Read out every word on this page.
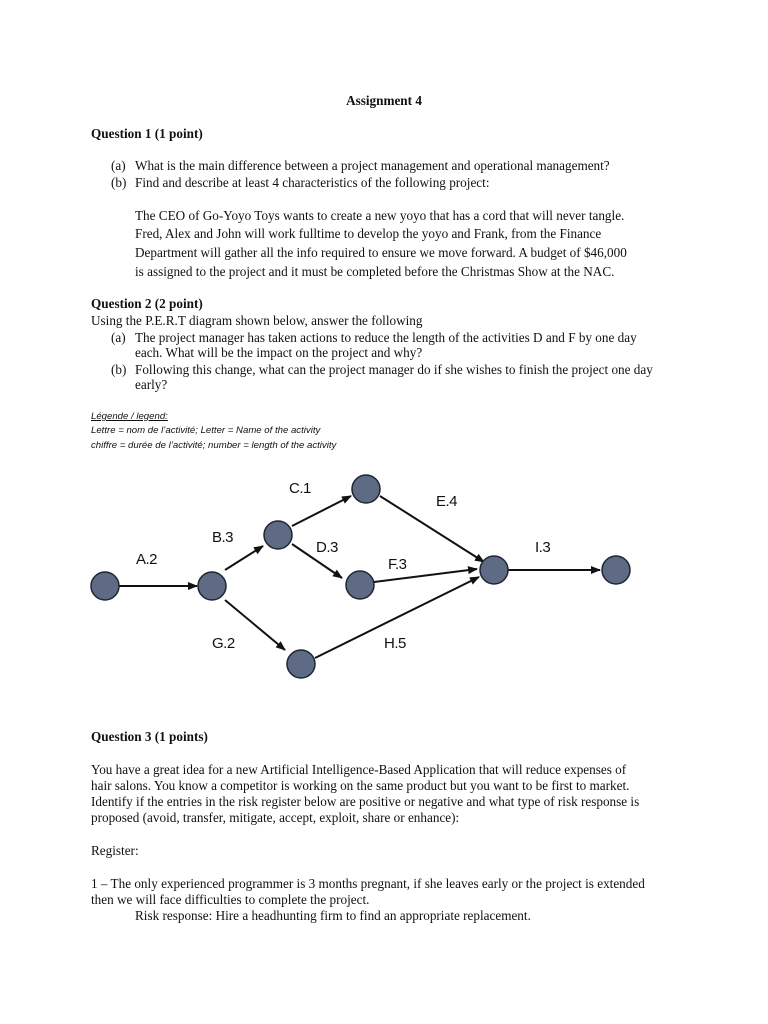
Assignment 4
Question 1 (1 point)
(a) What is the main difference between a project management and operational management?
(b) Find and describe at least 4 characteristics of the following project:
The CEO of Go-Yoyo Toys wants to create a new yoyo that has a cord that will never tangle.
Fred, Alex and John will work fulltime to develop the yoyo and Frank, from the Finance
Department will gather all the info required to ensure we move forward. A budget of $46,000
is assigned to the project and it must be completed before the Christmas Show at the NAC.
Question 2 (2 point)
Using the P.E.R.T diagram shown below, answer the following
(a) The project manager has taken actions to reduce the length of the activities D and F by one day
each. What will be the impact on the project and why?
(b) Following this change, what can the project manager do if she wishes to finish the project one day
early?
Légende / legend:
Lettre = nom de l’activité; Letter = Name of the activity
chiffre = durée de l’activité; number = length of the activity
A.2
B.3
C.1
D.3
E.4
F.3
G.2	H.5
I.3
Question 3 (1 points)
You have a great idea for a new Artificial Intelligence-Based Application that will reduce expenses of
hair salons. You know a competitor is working on the same product but you want to be first to market.
Identify if the entries in the risk register below are positive or negative and what type of risk response is
proposed (avoid, transfer, mitigate, accept, exploit, share or enhance):
Register:
1 – The only experienced programmer is 3 months pregnant, if she leaves early or the project is extended
then we will face difficulties to complete the project.
Risk response: Hire a headhunting firm to find an appropriate replacement.
